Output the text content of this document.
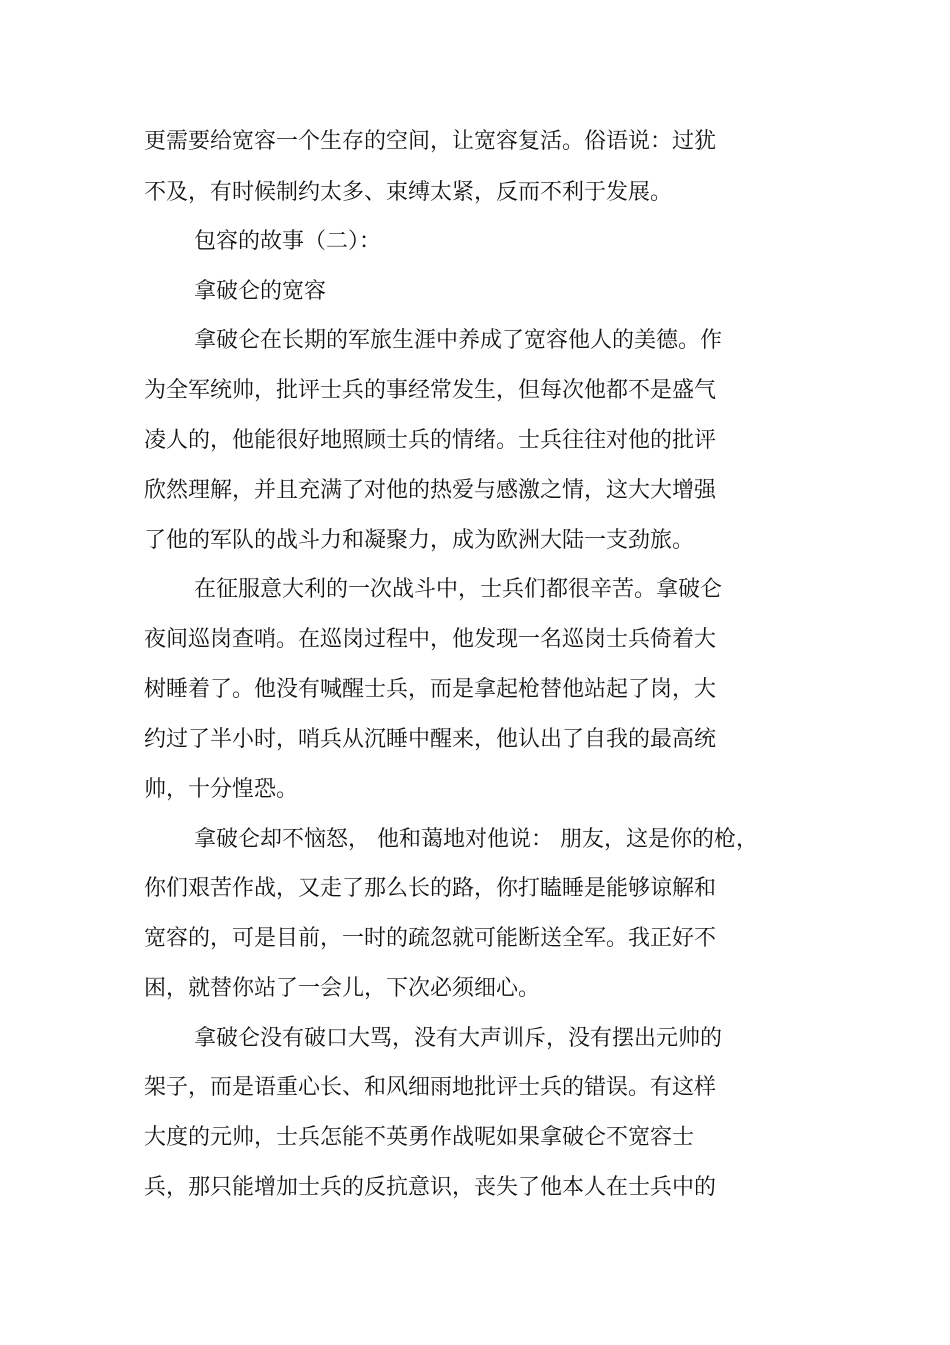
更需要给宽容一个生存的空间，让宽容复活。俗语说：过犹
不及，有时候制约太多、束缚太紧，反而不利于发展。
包容的故事（二）：
拿破仑的宽容
拿破仑在长期的军旅生涯中养成了宽容他人的美德。作
为全军统帅，批评士兵的事经常发生，但每次他都不是盛气
凌人的，他能很好地照顾士兵的情绪。士兵往往对他的批评
欣然理解，并且充满了对他的热爱与感激之情，这大大增强
了他的军队的战斗力和凝聚力，成为欧洲大陆一支劲旅。
在征服意大利的一次战斗中，士兵们都很辛苦。拿破仑
夜间巡岗查哨。在巡岗过程中，他发现一名巡岗士兵倚着大
树睡着了。他没有喊醒士兵，而是拿起枪替他站起了岗，大
约过了半小时，哨兵从沉睡中醒来，他认出了自我的最高统
帅，十分惶恐。
拿破仑却不恼怒， 他和蔼地对他说： 朋友，这是你的枪，
你们艰苦作战，又走了那么长的路，你打瞌睡是能够谅解和
宽容的，可是目前，一时的疏忽就可能断送全军。我正好不
困，就替你站了一会儿，下次必须细心。
拿破仑没有破口大骂，没有大声训斥，没有摆出元帅的
架子，而是语重心长、和风细雨地批评士兵的错误。有这样
大度的元帅，士兵怎能不英勇作战呢如果拿破仑不宽容士
兵，那只能增加士兵的反抗意识，丧失了他本人在士兵中的
